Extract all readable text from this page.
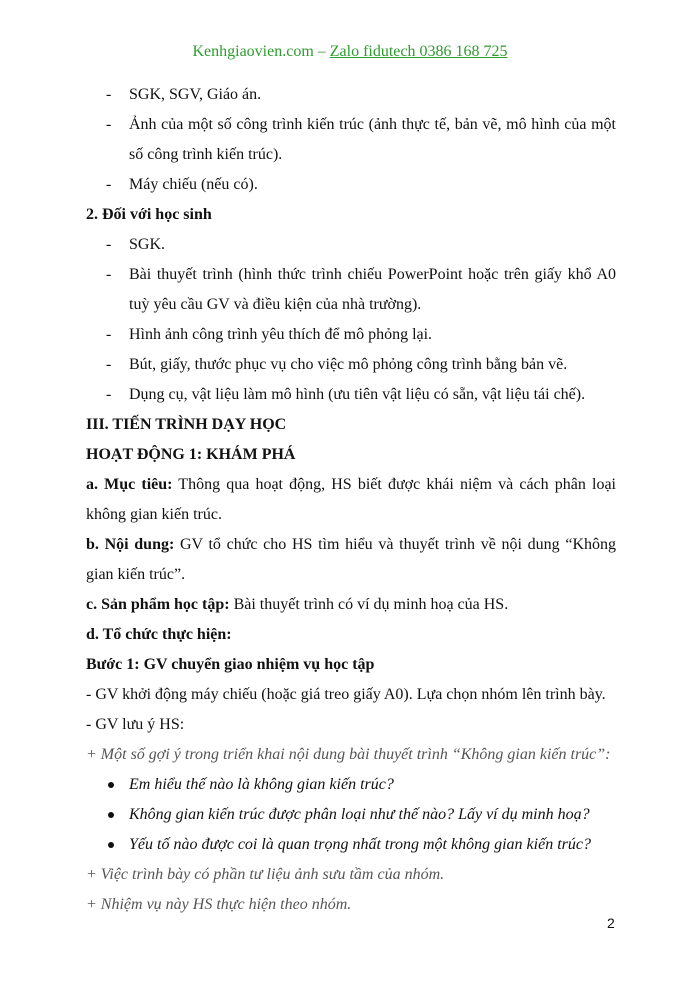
Kenhgiaovien.com – Zalo fidutech 0386 168 725
- SGK, SGV, Giáo án.
- Ảnh của một số công trình kiến trúc (ảnh thực tế, bản vẽ, mô hình của một số công trình kiến trúc).
- Máy chiếu (nếu có).
2. Đối với học sinh
- SGK.
- Bài thuyết trình (hình thức trình chiếu PowerPoint hoặc trên giấy khổ A0 tuỳ yêu cầu GV và điều kiện của nhà trường).
- Hình ảnh công trình yêu thích để mô phỏng lại.
- Bút, giấy, thước phục vụ cho việc mô phỏng công trình bằng bản vẽ.
- Dụng cụ, vật liệu làm mô hình (ưu tiên vật liệu có sẵn, vật liệu tái chế).
III. TIẾN TRÌNH DẠY HỌC
HOẠT ĐỘNG 1: KHÁM PHÁ
a. Mục tiêu: Thông qua hoạt động, HS biết được khái niệm và cách phân loại không gian kiến trúc.
b. Nội dung: GV tổ chức cho HS tìm hiểu và thuyết trình về nội dung “Không gian kiến trúc”.
c. Sản phẩm học tập: Bài thuyết trình có ví dụ minh hoạ của HS.
d. Tổ chức thực hiện:
Bước 1: GV chuyển giao nhiệm vụ học tập
- GV khởi động máy chiếu (hoặc giá treo giấy A0). Lựa chọn nhóm lên trình bày.
- GV lưu ý HS:
+ Một số gợi ý trong triển khai nội dung bài thuyết trình “Không gian kiến trúc”:
Em hiểu thế nào là không gian kiến trúc?
Không gian kiến trúc được phân loại như thế nào? Lấy ví dụ minh hoạ?
Yếu tố nào được coi là quan trọng nhất trong một không gian kiến trúc?
+ Việc trình bày có phần tư liệu ảnh sưu tầm của nhóm.
+ Nhiệm vụ này HS thực hiện theo nhóm.
2
